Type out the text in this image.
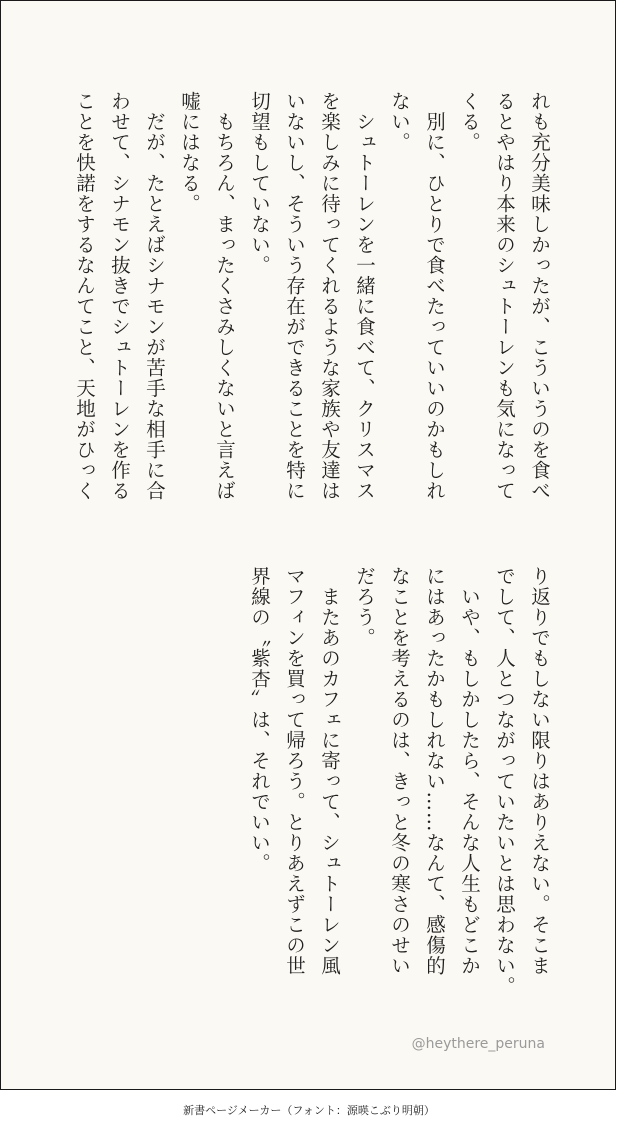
れも充分美味しかったが、こういうのを食べ

るとやはり本来のシュトーレンも気になって

くる。

　別に、ひとりで食べたっていいのかもしれ

ない。

　シュトーレンを一緒に食べて、クリスマス

を楽しみに待ってくれるような家族や友達は

いないし、そういう存在ができることを特に

切望もしていない。

　もちろん、まったくさみしくないと言えば

嘘にはなる。

　だが、たとえばシナモンが苦手な相手に合

わせて、シナモン抜きでシュトーレンを作る

ことを快諾をするなんてこと、天地がひっく

り返りでもしない限りはありえない。そこま

でして、人とつながっていたいとは思わない。

　いや、もしかしたら、そんな人生もどこか

にはあったかもしれない……なんて、感傷的

なことを考えるのは、きっと冬の寒さのせい

だろう。

　またあのカフェに寄って、シュトーレン風

マフィンを買って帰ろう。とりあえずこの世

界線の〝紫杏〟は、それでいい。

@heythere_peruna
新書ページメーカー（フォント：源暎こぶり明朝）
